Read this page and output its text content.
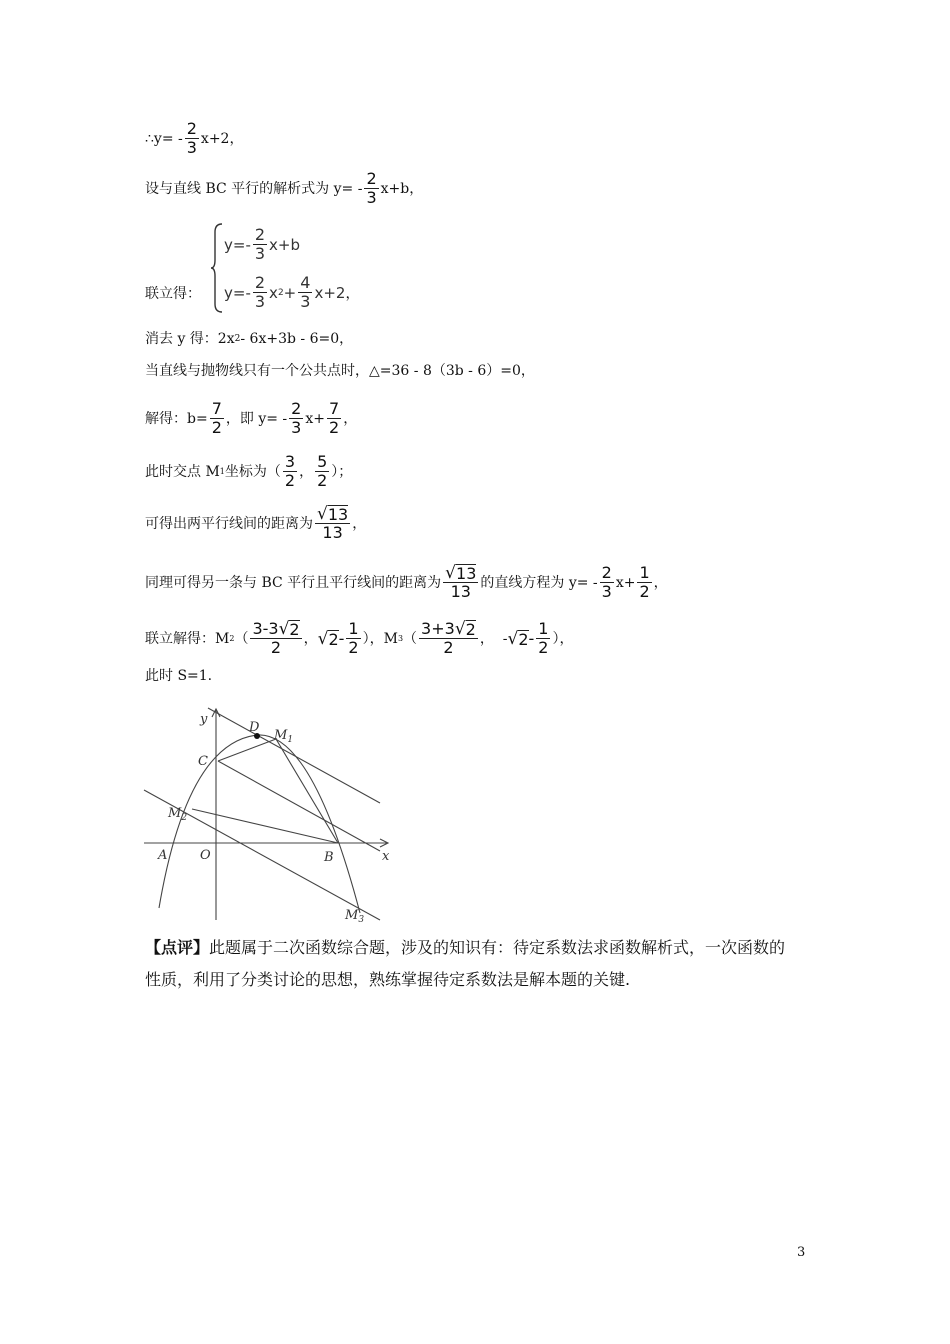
∴y= - $\frac{2}{3} x+2$，
设与直线 BC 平行的解析式为 $y= - \frac{2}{3} x+b$，
联立得：
$y=- \frac{2}{3} x+b$
$y=- \frac{2}{3}$ x $2 + \frac{4}{3} x+2$ ，
消去 y 得：2x 2 - 6x+3b - 6=0，
当直线与抛物线只有一个公共点时，△=36 - 8（3b - 6）=0，
解得：$b= \frac{7}{2}$ ，即 $y= - \frac{2}{3} x+ \frac{7}{2}$ ，
此时交点 M 1 坐标为（ $\frac{3}{2}$ ， $\frac{5}{2}$ ）；
可得出两平行线间的距离为 √ 13
13 ，
同理可得另一条与 BC 平行且平行线间的距离为 √ 13
13 的直线方程为 $y= - \frac{2}{3} x+ \frac{1}{2}$ ，
联立解得：M 2 （
3-3 √ 2
2 ， √ $2 - \frac{1}{2}$ ），M 3 （
3+3 √ 2
2 ，  - √ $2 - \frac{1}{2}$ ），
此时 S=1.
y
x
O
A	B
C
D
$M_1$
$M_2$
$M_3$
【点评】此题属于二次函数综合题，涉及的知识有：待定系数法求函数解析式，一次函数的
性质，利用了分类讨论的思想，熟练掌握待定系数法是解本题的关键.
3
